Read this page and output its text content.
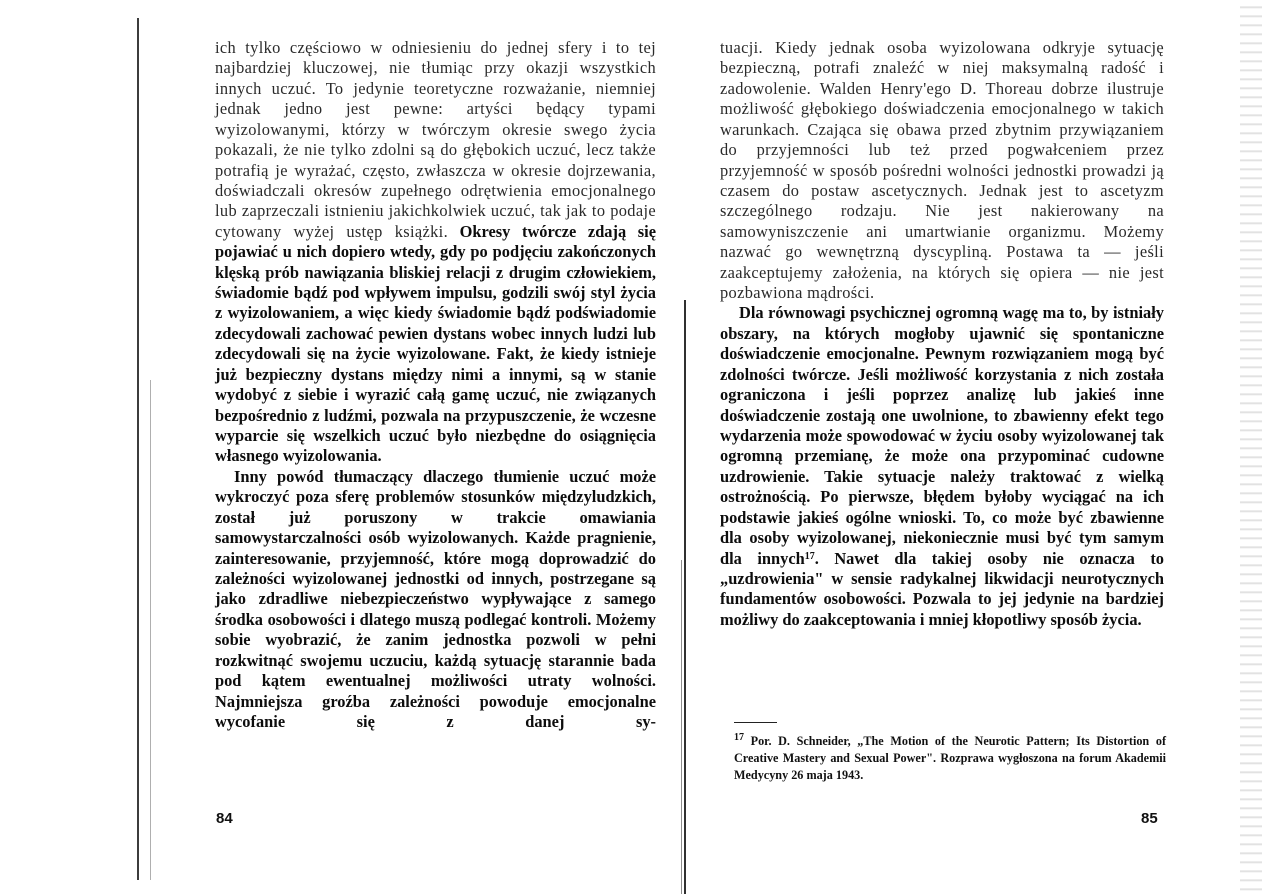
ich tylko częściowo w odniesieniu do jednej sfery i to tej najbardziej kluczowej, nie tłumiąc przy okazji wszystkich innych uczuć. To jedynie teoretyczne rozważanie, niemniej jednak jedno jest pewne: artyści będący typami wyizolowanymi, którzy w twórczym okresie swego życia pokazali, że nie tylko zdolni są do głębokich uczuć, lecz także potrafią je wyrażać, często, zwłaszcza w okresie dojrzewania, doświadczali okresów zupełnego odrętwienia emocjonalnego lub zaprzeczali istnieniu jakichkolwiek uczuć, tak jak to podaje cytowany wyżej ustęp książki. Okresy twórcze zdają się pojawiać u nich dopiero wtedy, gdy po podjęciu zakończonych klęską prób nawiązania bliskiej relacji z drugim człowiekiem, świadomie bądź pod wpływem impulsu, godzili swój styl życia z wyizolowaniem, a więc kiedy świadomie bądź podświadomie zdecydowali zachować pewien dystans wobec innych ludzi lub zdecydowali się na życie wyizolowane. Fakt, że kiedy istnieje już bezpieczny dystans między nimi a innymi, są w stanie wydobyć z siebie i wyrazić całą gamę uczuć, nie związanych bezpośrednio z ludźmi, pozwala na przypuszczenie, że wczesne wyparcie się wszelkich uczuć było niezbędne do osiągnięcia własnego wyizolowania.

Inny powód tłumaczący dlaczego tłumienie uczuć może wykroczyć poza sferę problemów stosunków międzyludzkich, został już poruszony w trakcie omawiania samowystarczalności osób wyizolowanych. Każde pragnienie, zainteresowanie, przyjemność, które mogą doprowadzić do zależności wyizolowanej jednostki od innych, postrzegane są jako zdradliwe niebezpieczeństwo wypływające z samego środka osobowości i dlatego muszą podlegać kontroli. Możemy sobie wyobrazić, że zanim jednostka pozwoli w pełni rozkwitnąć swojemu uczuciu, każdą sytuację starannie bada pod kątem ewentualnej możliwości utraty wolności. Najmniejsza groźba zależności powoduje emocjonalne wycofanie się z danej sy-

84

tuacji. Kiedy jednak osoba wyizolowana odkryje sytuację bezpieczną, potrafi znaleźć w niej maksymalną radość i zadowolenie. Walden Henry'ego D. Thoreau dobrze ilustruje możliwość głębokiego doświadczenia emocjonalnego w takich warunkach. Czająca się obawa przed zbytnim przywiązaniem do przyjemności lub też przed pogwałceniem przez przyjemność w sposób pośredni wolności jednostki prowadzi ją czasem do postaw ascetycznych. Jednak jest to ascetyzm szczególnego rodzaju. Nie jest nakierowany na samowyniszczenie ani umartwianie organizmu. Możemy nazwać go wewnętrzną dyscypliną. Postawa ta — jeśli zaakceptujemy założenia, na których się opiera — nie jest pozbawiona mądrości.

Dla równowagi psychicznej ogromną wagę ma to, by istniały obszary, na których mogłoby ujawnić się spontaniczne doświadczenie emocjonalne. Pewnym rozwiązaniem mogą być zdolności twórcze. Jeśli możliwość korzystania z nich została ograniczona i jeśli poprzez analizę lub jakieś inne doświadczenie zostają one uwolnione, to zbawienny efekt tego wydarzenia może spowodować w życiu osoby wyizolowanej tak ogromną przemianę, że może ona przypominać cudowne uzdrowienie. Takie sytuacje należy traktować z wielką ostrożnością. Po pierwsze, błędem byłoby wyciągać na ich podstawie jakieś ogólne wnioski. To, co może być zbawienne dla osoby wyizolowanej, niekoniecznie musi być tym samym dla innych$^{17}$. Nawet dla takiej osoby nie oznacza to „uzdrowienia" w sensie radykalnej likwidacji neurotycznych fundamentów osobowości. Pozwala to jej jedynie na bardziej możliwy do zaakceptowania i mniej kłopotliwy sposób życia.

$^{17}$ Por. D. Schneider, „The Motion of the Neurotic Pattern; Its Distortion of Creative Mastery and Sexual Power". Rozprawa wygłoszona na forum Akademii Medycyny 26 maja 1943.

85
